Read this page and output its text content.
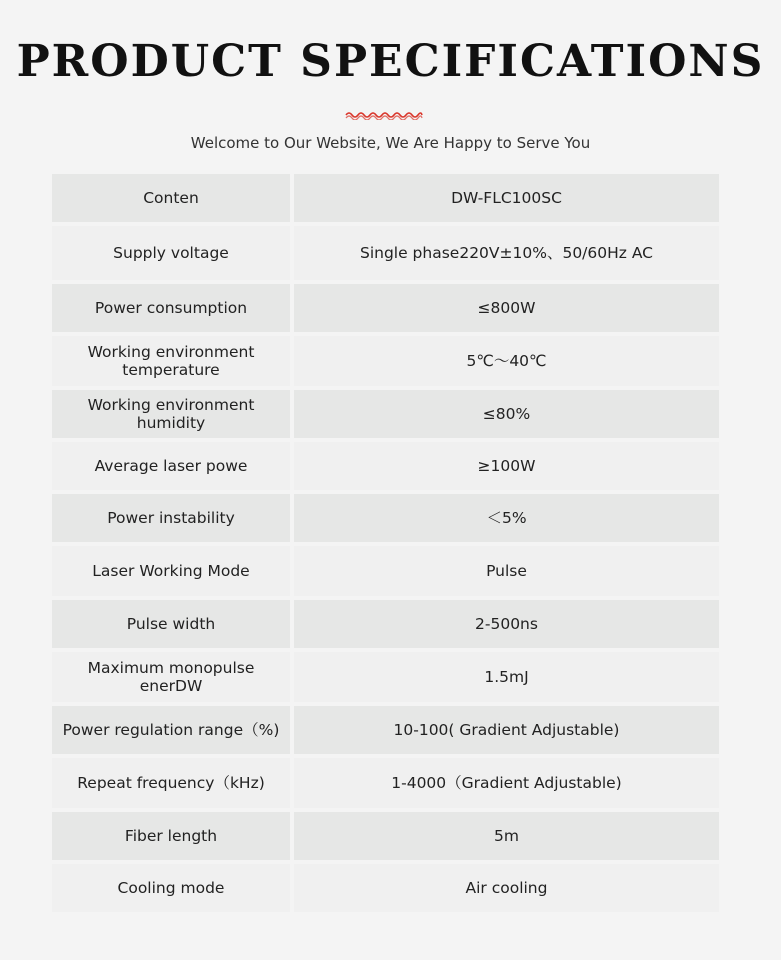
PRODUCT SPECIFICATIONS
Welcome to Our Website, We Are Happy to Serve You
Conten	DW-FLC100SC
Supply voltage	Single phase220V±10%、50/60Hz AC
Power consumption	≤800W
Working environment temperature	5℃～40℃
Working environment humidity	≤80%
Average laser powe	≥100W
Power instability	＜5%
Laser Working Mode	Pulse
Pulse width	2-500ns
Maximum monopulse enerDW	1.5mJ
Power regulation range（%)	10-100( Gradient Adjustable)
Repeat frequency（kHz)	1-4000（Gradient Adjustable)
Fiber length	5m
Cooling mode	Air cooling
